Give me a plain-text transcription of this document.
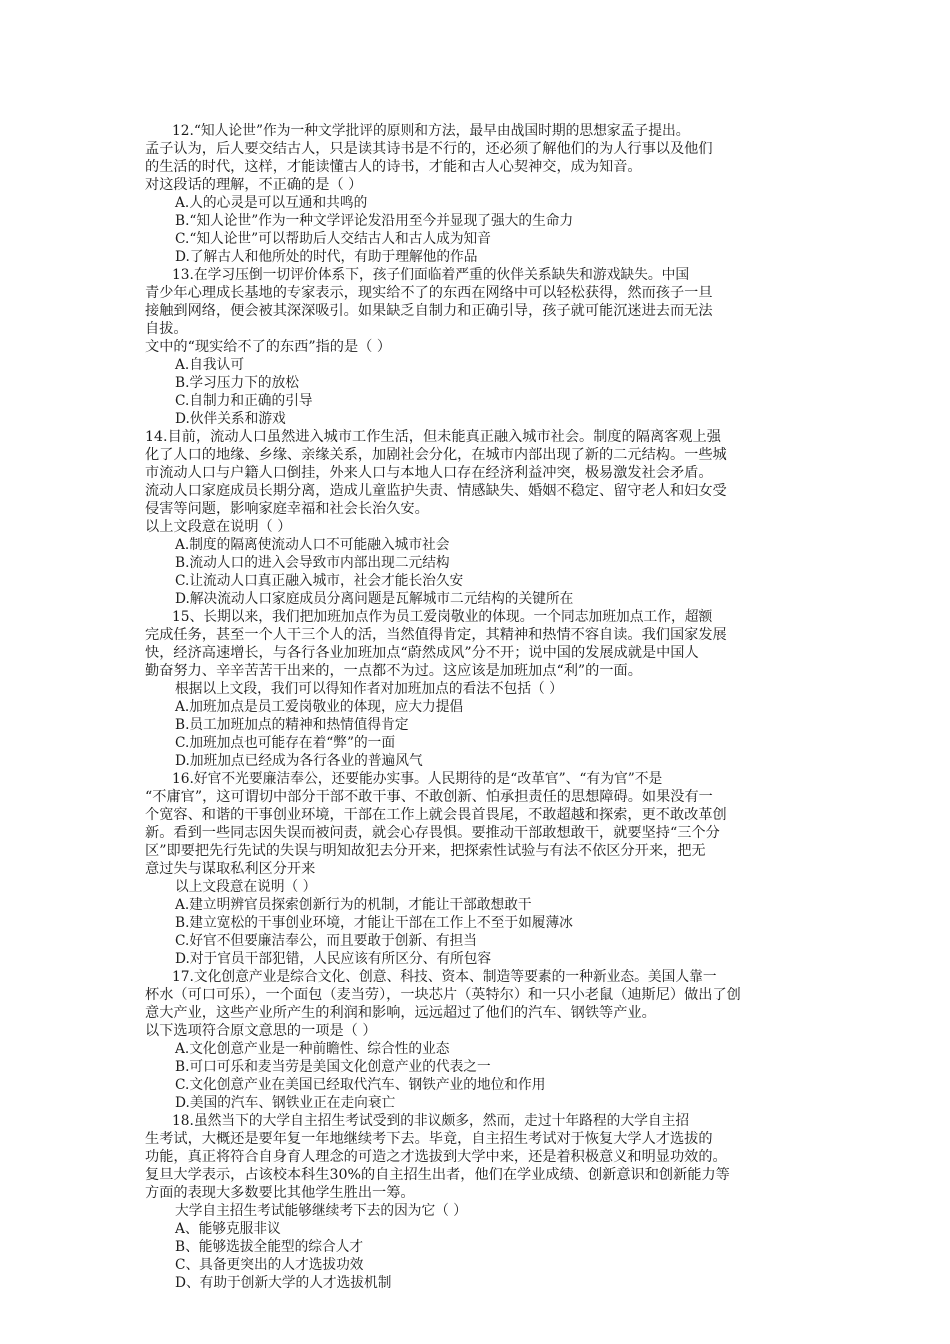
12.“知人论世”作为一种文学批评的原则和方法，最早由战国时期的思想家孟子提出。
孟子认为，后人要交结古人，只是读其诗书是不行的，还必须了解他们的为人行事以及他们
的生活的时代，这样，才能读懂古人的诗书，才能和古人心契神交，成为知音。
对这段话的理解，不正确的是（ ）
A.人的心灵是可以互通和共鸣的
B.“知人论世”作为一种文学评论发沿用至今并显现了强大的生命力
C.“知人论世”可以帮助后人交结古人和古人成为知音
D.了解古人和他所处的时代，有助于理解他的作品
13.在学习压倒一切评价体系下，孩子们面临着严重的伙伴关系缺失和游戏缺失。中国
青少年心理成长基地的专家表示，现实给不了的东西在网络中可以轻松获得，然而孩子一旦
接触到网络，便会被其深深吸引。如果缺乏自制力和正确引导，孩子就可能沉迷进去而无法
自拔。
文中的“现实给不了的东西”指的是（ ）
A.自我认可
B.学习压力下的放松
C.自制力和正确的引导
D.伙伴关系和游戏
14.目前，流动人口虽然进入城市工作生活，但未能真正融入城市社会。制度的隔离客观上强
化了人口的地缘、乡缘、亲缘关系，加剧社会分化，在城市内部出现了新的二元结构。一些城
市流动人口与户籍人口倒挂，外来人口与本地人口存在经济利益冲突，极易激发社会矛盾。
流动人口家庭成员长期分离，造成儿童监护失责、情感缺失、婚姻不稳定、留守老人和妇女受
侵害等问题，影响家庭幸福和社会长治久安。
以上文段意在说明（ ）
A.制度的隔离使流动人口不可能融入城市社会
B.流动人口的进入会导致市内部出现二元结构
C.让流动人口真正融入城市，社会才能长治久安
D.解决流动人口家庭成员分离问题是瓦解城市二元结构的关键所在
15、长期以来，我们把加班加点作为员工爱岗敬业的体现。一个同志加班加点工作，超额
完成任务，甚至一个人干三个人的活，当然值得肯定，其精神和热情不容自读。我们国家发展
快，经济高速增长，与各行各业加班加点“蔚然成风”分不开；说中国的发展成就是中国人
勤奋努力、辛辛苦苦干出来的，一点都不为过。这应该是加班加点“利”的一面。
根据以上文段，我们可以得知作者对加班加点的看法不包括（ ）
A.加班加点是员工爱岗敬业的体现，应大力提倡
B.员工加班加点的精神和热情值得肯定
C.加班加点也可能存在着“弊”的一面
D.加班加点已经成为各行各业的普遍风气
16.好官不光要廉洁奉公，还要能办实事。人民期待的是“改革官”、“有为官”不是
“不庸官”，这可谓切中部分干部不敢干事、不敢创新、怕承担责任的思想障碍。如果没有一
个宽容、和谐的干事创业环境，干部在工作上就会畏首畏尾，不敢超越和探索，更不敢改革创
新。看到一些同志因失误而被问责，就会心存畏惧。要推动干部敢想敢干，就要坚持“三个分
区”即要把先行先试的失误与明知故犯去分开来，把探索性试验与有法不依区分开来，把无
意过失与谋取私利区分开来
以上文段意在说明（ ）
A.建立明辨官员探索创新行为的机制，才能让干部敢想敢干
B.建立宽松的干事创业环境，才能让干部在工作上不至于如履薄冰
C.好官不但要廉洁奉公，而且要敢于创新、有担当
D.对于官员干部犯错，人民应该有所区分、有所包容
17.文化创意产业是综合文化、创意、科技、资本、制造等要素的一种新业态。美国人靠一
杯水（可口可乐），一个面包（麦当劳），一块芯片（英特尔）和一只小老鼠（迪斯尼）做出了创
意大产业，这些产业所产生的利润和影响，远远超过了他们的汽车、钢铁等产业。
以下选项符合原文意思的一项是（ ）
A.文化创意产业是一种前瞻性、综合性的业态
B.可口可乐和麦当劳是美国文化创意产业的代表之一
C.文化创意产业在美国已经取代汽车、钢铁产业的地位和作用
D.美国的汽车、钢铁业正在走向衰亡
18.虽然当下的大学自主招生考试受到的非议颇多，然而，走过十年路程的大学自主招
生考试，大概还是要年复一年地继续考下去。毕竟，自主招生考试对于恢复大学人才选拔的
功能，真正将符合自身育人理念的可造之才选拔到大学中来，还是着积极意义和明显功效的。
复旦大学表示，占该校本科生30%的自主招生出者，他们在学业成绩、创新意识和创新能力等
方面的表现大多数要比其他学生胜出一筹。
大学自主招生考试能够继续考下去的因为它（ ）
A、能够克服非议
B、能够选拔全能型的综合人才
C、具备更突出的人才选拔功效
D、有助于创新大学的人才选拔机制
